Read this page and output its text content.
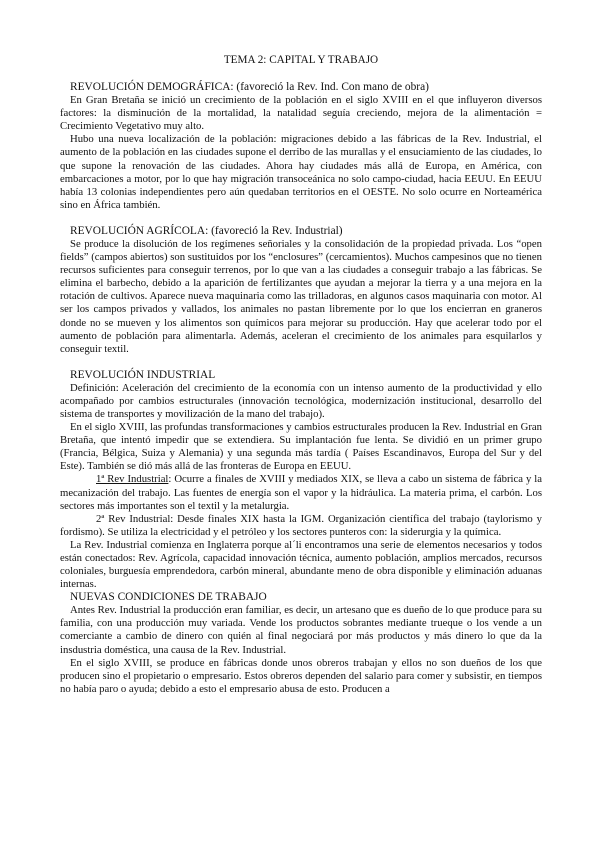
TEMA 2: CAPITAL Y TRABAJO
REVOLUCIÓN DEMOGRÁFICA: (favoreció la Rev. Ind. Con mano de obra)

En Gran Bretaña se inició un crecimiento de la población en el siglo XVIII en el que influyeron diversos factores: la disminución de la mortalidad, la natalidad seguía creciendo, mejora de la alimentación = Crecimiento Vegetativo muy alto.

Hubo una nueva localización de la población: migraciones debido a las fábricas de la Rev. Industrial, el aumento de la población en las ciudades supone el derribo de las murallas y el ensuciamiento de las ciudades, lo que supone la renovación de las ciudades. Ahora hay ciudades más allá de Europa, en América, con embarcaciones a motor, por lo que hay migración transoceánica no solo campo-ciudad, hacia EEUU. En EEUU había 13 colonias independientes pero aún quedaban territorios en el OESTE. No solo ocurre en Norteamérica sino en África también.

REVOLUCIÓN AGRÍCOLA: (favoreció la Rev. Industrial)

Se produce la disolución de los regímenes señoriales y la consolidación de la propiedad privada. Los “open fields” (campos abiertos) son sustituidos por los “enclosures” (cercamientos). Muchos campesinos que no tienen recursos suficientes para conseguir terrenos, por lo que van a las ciudades a conseguir trabajo a las fábricas. Se elimina el barbecho, debido a la aparición de fertilizantes que ayudan a mejorar la tierra y a una mejora en la rotación de cultivos. Aparece nueva maquinaria como las trilladoras, en algunos casos maquinaria con motor. Al ser los campos privados y vallados, los animales no pastan libremente por lo que los encierran en graneros donde no se mueven y los alimentos son químicos para mejorar su producción. Hay que acelerar todo por el aumento de población para alimentarla. Además, aceleran el crecimiento de los animales para esquilarlos y conseguir textil.

REVOLUCIÓN INDUSTRIAL

Definición: Aceleración del crecimiento de la economía con un intenso aumento de la productividad y ello acompañado por cambios estructurales (innovación tecnológica, modernización institucional, desarrollo del sistema de transportes y movilización de la mano del trabajo).

En el siglo XVIII, las profundas transformaciones y cambios estructurales producen la Rev. Industrial en Gran Bretaña, que intentó impedir que se extendiera. Su implantación fue lenta. Se dividió en un primer grupo (Francia, Bélgica, Suiza y Alemania) y una segunda más tardía ( Países Escandinavos, Europa del Sur y del Este). También se dió más allá de las fronteras de Europa en EEUU.

1ª Rev Industrial: Ocurre a finales de XVIII y mediados XIX, se lleva a cabo un sistema de fábrica y la mecanización del trabajo. Las fuentes de energía son el vapor y la hidráulica. La materia prima, el carbón. Los sectores más importantes son el textil y la metalurgia.

2ª Rev Industrial: Desde finales XIX hasta la IGM. Organización científica del trabajo (taylorismo y fordismo). Se utiliza la electricidad y el petróleo y los sectores punteros con: la siderurgia y la química.

La Rev. Industrial comienza en Inglaterra porque al´li encontramos una serie de elementos necesarios y todos están conectados: Rev. Agrícola, capacidad innovación técnica, aumento población, amplios mercados, recursos coloniales, burguesía emprendedora, carbón mineral, abundante meno de obra disponible y eliminación aduanas internas.

NUEVAS CONDICIONES DE TRABAJO

Antes Rev. Industrial la producción eran familiar, es decir, un artesano que es dueño de lo que produce para su familia, con una producción muy variada. Vende los productos sobrantes mediante trueque o los vende a un comerciante a cambio de dinero con quién al final negociará por más productos y más dinero lo que da la insdustria doméstica, una causa de la Rev. Industrial.

En el siglo XVIII, se produce en fábricas donde unos obreros trabajan y ellos no son dueños de los que producen sino el propietario o empresario. Estos obreros dependen del salario para comer y subsistir, en tiempos no había paro o ayuda; debido a esto el empresario abusa de esto. Producen a
